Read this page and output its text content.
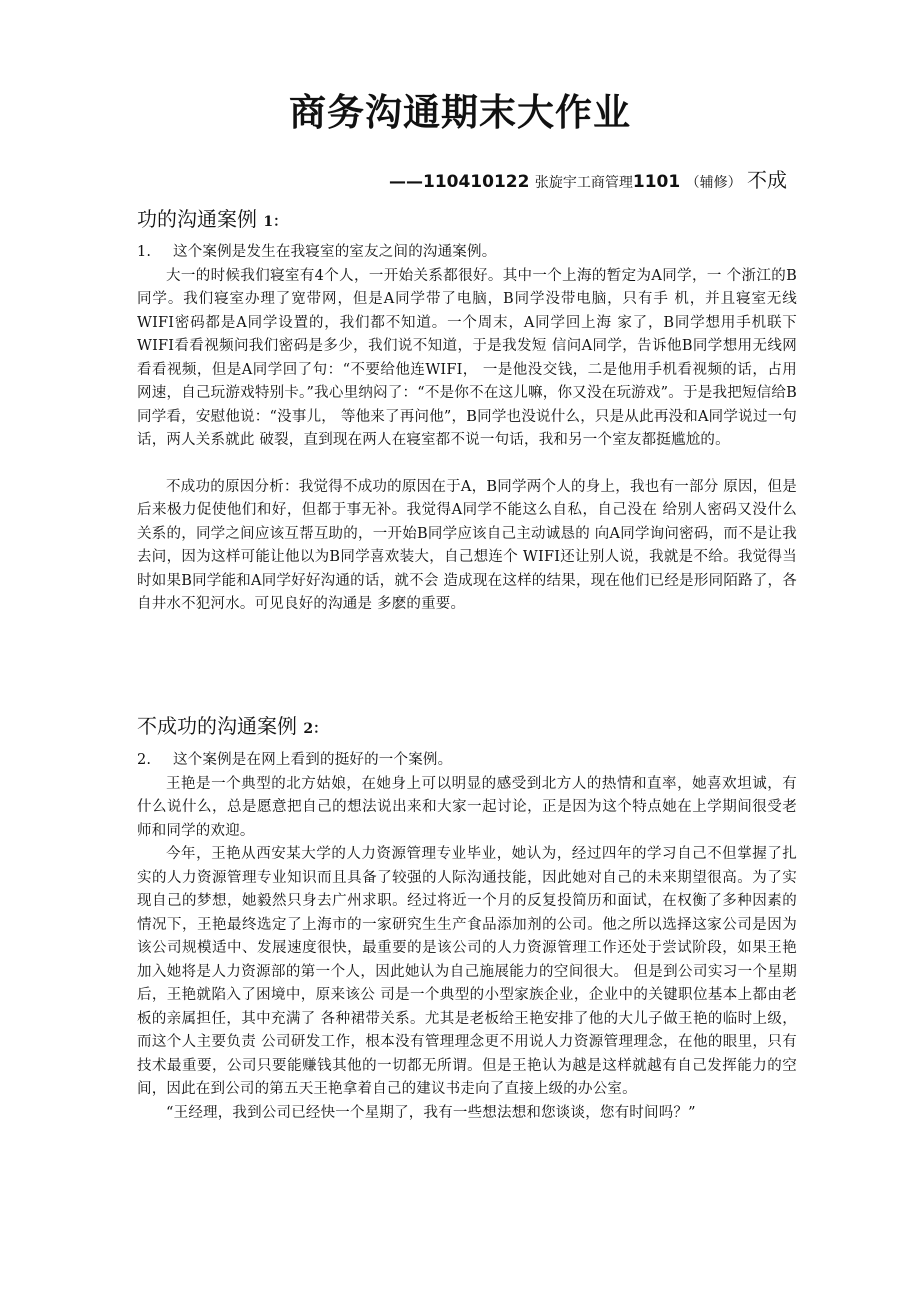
商务沟通期末大作业
——110410122 张旋宇工商管理1101 （辅修） 不成
功的沟通案例 1：

1. 这个案例是发生在我寝室的室友之间的沟通案例。

大一的时候我们寝室有4个人，一开始关系都很好。其中一个上海的暂定为A同学，一 个浙江的B同学。我们寝室办理了宽带网，但是A同学带了电脑，B同学没带电脑，只有手 机，并且寝室无线WIFI密码都是A同学设置的，我们都不知道。一个周末，A同学回上海 家了，B同学想用手机联下WIFI看看视频问我们密码是多少，我们说不知道，于是我发短 信问A同学，告诉他B同学想用无线网看看视频，但是A同学回了句：“不要给他连WIFI， 一是他没交钱，二是他用手机看视频的话，占用网速，自己玩游戏特别卡。”我心里纳闷了：“不是你不在这儿嘛，你又没在玩游戏”。于是我把短信给B同学看，安慰他说：“没事儿， 等他来了再问他”，B同学也没说什么，只是从此再没和A同学说过一句话，两人关系就此 破裂，直到现在两人在寝室都不说一句话，我和另一个室友都挺尴尬的。

不成功的原因分析：我觉得不成功的原因在于A，B同学两个人的身上，我也有一部分 原因，但是后来极力促使他们和好，但都于事无补。我觉得A同学不能这么自私，自己没在 给别人密码又没什么关系的，同学之间应该互帮互助的，一开始B同学应该自己主动诚恳的 向A同学询问密码，而不是让我去问，因为这样可能让他以为B同学喜欢装大，自己想连个 WIFI还让别人说，我就是不给。我觉得当时如果B同学能和A同学好好沟通的话，就不会 造成现在这样的结果，现在他们已经是形同陌路了，各自井水不犯河水。可见良好的沟通是 多麽的重要。

不成功的沟通案例 2：

2. 这个案例是在网上看到的挺好的一个案例。

王艳是一个典型的北方姑娘，在她身上可以明显的感受到北方人的热情和直率，她喜欢坦诚，有什么说什么，总是愿意把自己的想法说出来和大家一起讨论，正是因为这个特点她在上学期间很受老师和同学的欢迎。

今年，王艳从西安某大学的人力资源管理专业毕业，她认为，经过四年的学习自己不但掌握了扎实的人力资源管理专业知识而且具备了较强的人际沟通技能，因此她对自己的未来期望很高。为了实现自己的梦想，她毅然只身去广州求职。经过将近一个月的反复投简历和面试，在权衡了多种因素的情况下，王艳最终选定了上海市的一家研究生生产食品添加剂的公司。他之所以选择这家公司是因为该公司规模适中、发展速度很快，最重要的是该公司的人力资源管理工作还处于尝试阶段，如果王艳加入她将是人力资源部的第一个人，因此她认为自己施展能力的空间很大。 但是到公司实习一个星期后，王艳就陷入了困境中，原来该公 司是一个典型的小型家族企业，企业中的关键职位基本上都由老板的亲属担任，其中充满了 各种裙带关系。尤其是老板给王艳安排了他的大儿子做王艳的临时上级，而这个人主要负责 公司研发工作，根本没有管理理念更不用说人力资源管理理念，在他的眼里，只有技术最重要，公司只要能赚钱其他的一切都无所谓。但是王艳认为越是这样就越有自己发挥能力的空间，因此在到公司的第五天王艳拿着自己的建议书走向了直接上级的办公室。

“王经理，我到公司已经快一个星期了，我有一些想法想和您谈谈，您有时间吗？”
